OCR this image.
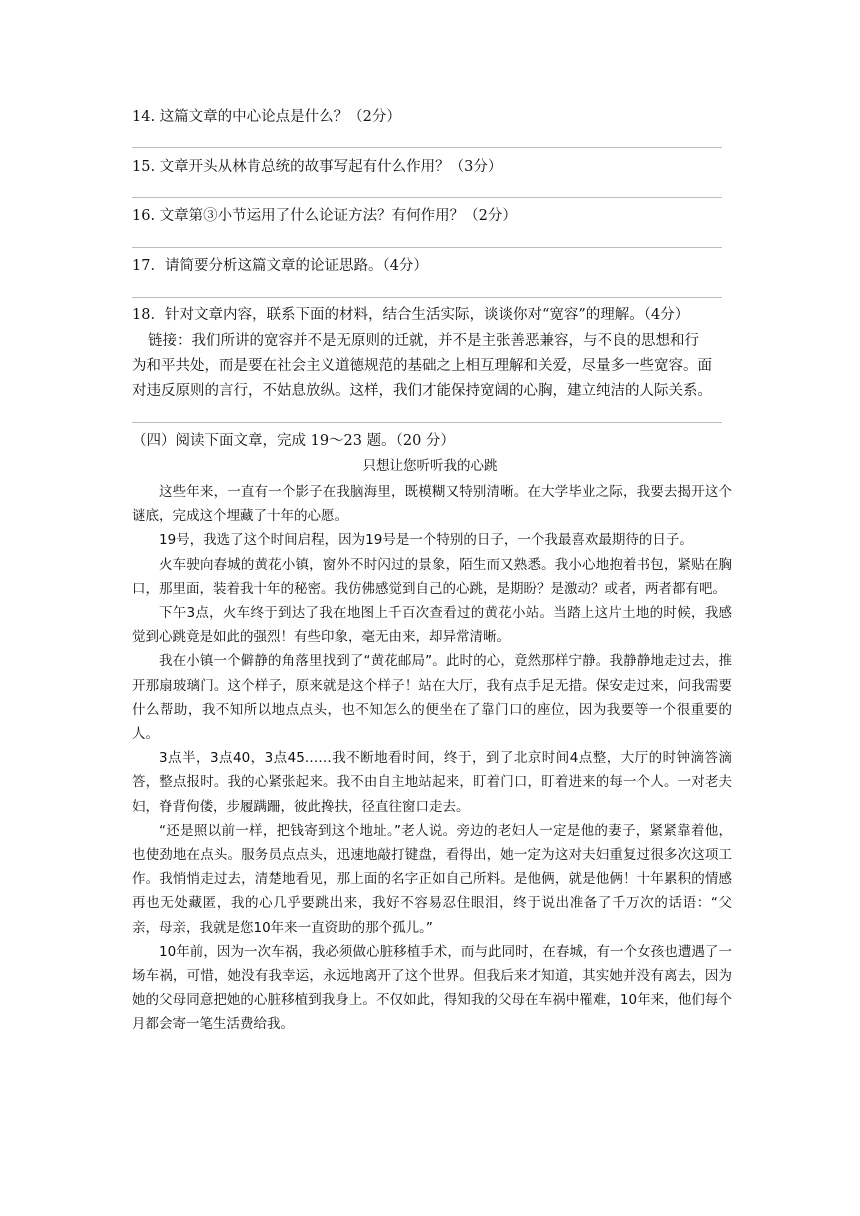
14. 这篇文章的中心论点是什么？（2分）
15. 文章开头从林肯总统的故事写起有什么作用？（3分）
16. 文章第③小节运用了什么论证方法？有何作用？（2分）
17．请简要分析这篇文章的论证思路。（4分）
18．针对文章内容，联系下面的材料，结合生活实际，谈谈你对“宽容”的理解。（4分）
链接：我们所讲的宽容并不是无原则的迁就，并不是主张善恶兼容，与不良的思想和行
为和平共处，而是要在社会主义道德规范的基础之上相互理解和关爱，尽量多一些宽容。面
对违反原则的言行，不姑息放纵。这样，我们才能保持宽阔的心胸，建立纯洁的人际关系。
（四）阅读下面文章，完成 19～23 题。（20 分）
只想让您听听我的心跳

这些年来，一直有一个影子在我脑海里，既模糊又特别清晰。在大学毕业之际，我要去揭开这个谜底，完成这个埋藏了十年的心愿。

19号，我选了这个时间启程，因为19号是一个特别的日子，一个我最喜欢最期待的日子。

火车驶向春城的黄花小镇，窗外不时闪过的景象，陌生而又熟悉。我小心地抱着书包，紧贴在胸口，那里面，装着我十年的秘密。我仿佛感觉到自己的心跳，是期盼？是激动？或者，两者都有吧。

下午3点，火车终于到达了我在地图上千百次查看过的黄花小站。当踏上这片土地的时候，我感觉到心跳竟是如此的强烈！有些印象，毫无由来，却异常清晰。

我在小镇一个僻静的角落里找到了“黄花邮局”。此时的心，竟然那样宁静。我静静地走过去，推开那扇玻璃门。这个样子，原来就是这个样子！站在大厅，我有点手足无措。保安走过来，问我需要什么帮助，我不知所以地点点头，也不知怎么的便坐在了靠门口的座位，因为我要等一个很重要的人。

3点半，3点40，3点45……我不断地看时间，终于，到了北京时间4点整，大厅的时钟滴答滴答，整点报时。我的心紧张起来。我不由自主地站起来，盯着门口，盯着进来的每一个人。一对老夫妇，脊背佝偻，步履蹒跚，彼此搀扶，径直往窗口走去。

“还是照以前一样，把钱寄到这个地址。”老人说。旁边的老妇人一定是他的妻子，紧紧靠着他，也使劲地在点头。服务员点点头，迅速地敲打键盘，看得出，她一定为这对夫妇重复过很多次这项工作。我悄悄走过去，清楚地看见，那上面的名字正如自己所料。是他俩，就是他俩！十年累积的情感再也无处藏匿，我的心几乎要跳出来，我好不容易忍住眼泪，终于说出准备了千万次的话语：“父亲，母亲，我就是您10年来一直资助的那个孤儿。”

10年前，因为一次车祸，我必须做心脏移植手术，而与此同时，在春城，有一个女孩也遭遇了一场车祸，可惜，她没有我幸运，永远地离开了这个世界。但我后来才知道，其实她并没有离去，因为她的父母同意把她的心脏移植到我身上。不仅如此，得知我的父母在车祸中罹难，10年来，他们每个月都会寄一笔生活费给我。
